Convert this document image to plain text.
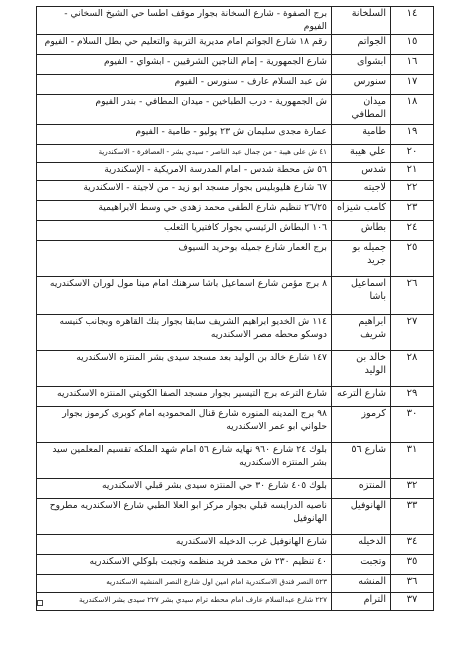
١٤	السلخانة	برج الصفوة - شارع السخانة بجوار موقف اطسا حي الشيخ السخاني - الفيوم
١٥	الجواتم	رقم ١٨ شارع الجواتم امام مديرية التربية والتعليم حي بطل السلام - الفيوم
١٦	ابشواى	شارع الجمهورية - إمام الناجين الشرقيين - ابشواي - الفيوم
١٧	سنورس	ش عبد السلام عارف - سنورس - الفيوم
١٨	ميدان المطافي	ش الجمهورية - درب الطباخين - ميدان المطافي - بندر الفيوم
١٩	طامية	عمارة مجدى سليمان ش ٢٣ يوليو - طامية - الفيوم
٢٠	علي هيبة	٤١ ش على هيبة - من جمال عبد الناصر - سيدي بشر - العصافرة - الاسكندرية
٢١	شدس	٥٦ ش محطة شدس - امام المدرسة الامريكية - الإسكندرية
٢٢	لاجيته	٦٧ شارع هليوبليس بجوار مسجد ابو زيد - من لاجيتة - الاسكندرية
٢٣	كامب شيزاه	٢٦/٢٥ تنظيم شارع الطفى محمد زهدى حي وسط الابراهيمية
٢٤	بطاش	١٠٦ البطاش الرئيسي بجوار كافتيريا الثعلب
٢٥	جميله بو جريد	برج العمار شارع جميله بوحريد السيوف
٢٦	اسماعيل باشا	٨ برج مؤمن شارع اسماعيل باشا سرهنك امام مينا مول لوران الاسكندريه
٢٧	ابراهيم شريف	١١٤ ش الخديو ابراهيم الشريف سابقا بجوار بنك القاهره وبجانب كنيسه دوسكو محطه مصر الاسكندريه
٢٨	خالد بن الوليد	١٤٧ شارع خالد بن الوليد بعد مسجد سيدى بشر المنتزه الاسكندريه
٢٩	شارع الترعه	شارع الترعه برج التيسير بجوار مسجد الصفا الكويتي المنتزه الاسكندريه
٣٠	كرموز	٩٨ برج المدينه المنوره شارع قنال المحموديه امام كوبرى كرموز بجوار حلواني ابو عمر الاسكندريه
٣١	شارع ٥٦	بلوك ٢٤ شارع ٩٦٠ نهايه شارع ٥٦ امام شهد الملكه تقسيم المعلمين سيد بشر المنتزه الاسكندريه
٣٢	المنتزه	بلوك ٤٠٥ شارع ٣٠ حي المنتزه سيدى بشر قبلي الاسكندريه
٣٣	الهانوفيل	ناصيه الدرايسه قبلي بجوار مركز ابو العلا الطبي شارع الاسكندريه مطروح الهانوفيل
٣٤	الدخيله	شارع الهانوفيل غرب الدخيله الاسكندريه
٣٥	وتجبت	٤٠ تنظيم ٢٣٠ ش محمد فريد منظمه وتجبت بلوكلي الاسكندريه
٣٦	المنشه	٥٢٣ النصر فندق الاسكندرية امام امين اول شارع النصر المنشيه الاسكندريه
٣٧	الترام	٢٢٧ شارع عبدالسلام عارف امام محطه ترام سيدي بشر ٢٢٧ سيدى بشر الاسكندرية
